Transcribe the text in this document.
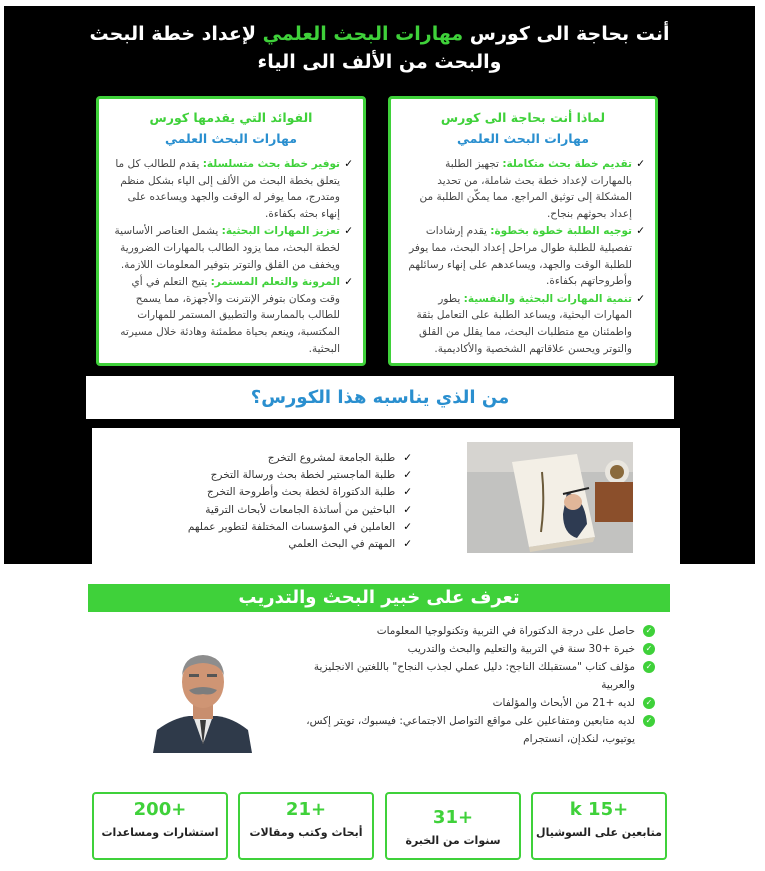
أنت بحاجة الى كورس مهارات البحث العلمي لإعداد خطة البحث
والبحث من الألف الى الياء
لماذا أنت بحاجة الى كورس
مهارات البحث العلمي
✓
تقديم خطة بحث متكاملة: تجهيز الطلبة بالمهارات لإعداد خطة بحث شاملة، من تحديد المشكلة إلى توثيق المراجع. مما يمكّن الطلبة من إعداد بحوثهم بنجاح.
✓
توجيه الطلبة خطوة بخطوة: يقدم إرشادات تفصيلية للطلبة طوال مراحل إعداد البحث، مما يوفر للطلبة الوقت والجهد، ويساعدهم على إنهاء رسائلهم وأطروحاتهم بكفاءة.
✓
تنمية المهارات البحثية والنفسية: يطور المهارات البحثية، ويساعد الطلبة على التعامل بثقة واطمئنان مع متطلبات البحث، مما يقلل من القلق والتوتر ويحسن علاقاتهم الشخصية والأكاديمية.
الفوائد التي يقدمها كورس
مهارات البحث العلمي
✓
توفير خطة بحث متسلسلة: يقدم للطالب كل ما يتعلق بخطة البحث من الألف إلى الياء بشكل منظم ومتدرج، مما يوفر له الوقت والجهد ويساعده على إنهاء بحثه بكفاءة.
✓
تعزيز المهارات البحثية: يشمل العناصر الأساسية لخطة البحث، مما يزود الطالب بالمهارات الضرورية ويخفف من القلق والتوتر بتوفير المعلومات اللازمة.
✓
المرونة والتعلم المستمر: يتيح التعلم في أي وقت ومكان بتوفر الإنترنت والأجهزة، مما يسمح للطالب بالممارسة والتطبيق المستمر للمهارات المكتسبة، وينعم بحياة مطمئنة وهادئة خلال مسيرته البحثية.
من الذي يناسبه هذا الكورس؟
✓طلبة الجامعة لمشروع التخرج
✓طلبة الماجستير لخطة بحث ورسالة التخرج
✓طلبة الدكتوراة لخطة بحث وأطروحة التخرج
✓الباحثين من أساتذة الجامعات لأبحاث الترقية
✓العاملين في المؤسسات المختلفة لتطوير عملهم
✓المهتم في البحث العلمي
تعرف على خبير البحث والتدريب
✓
حاصل على درجة الدكتوراة في التربية وتكنولوجيا المعلومات
✓
خبرة +30 سنة في التربية والتعليم والبحث والتدريب
✓
مؤلف كتاب "مستقبلك الناجح: دليل عملي لجذب النجاح" باللغتين الانجليزية والعربية
✓
لديه +21 من الأبحاث والمؤلفات
✓
لديه متابعين ومتفاعلين على مواقع التواصل الاجتماعي: فيسبوك، تويتر إكس، يوتيوب، لنكدإن، انستجرام
+15 k
متابعين على السوشيال
+31
سنوات من الخبرة
+21
أبحاث وكتب ومقالات
+200
استشارات ومساعدات
